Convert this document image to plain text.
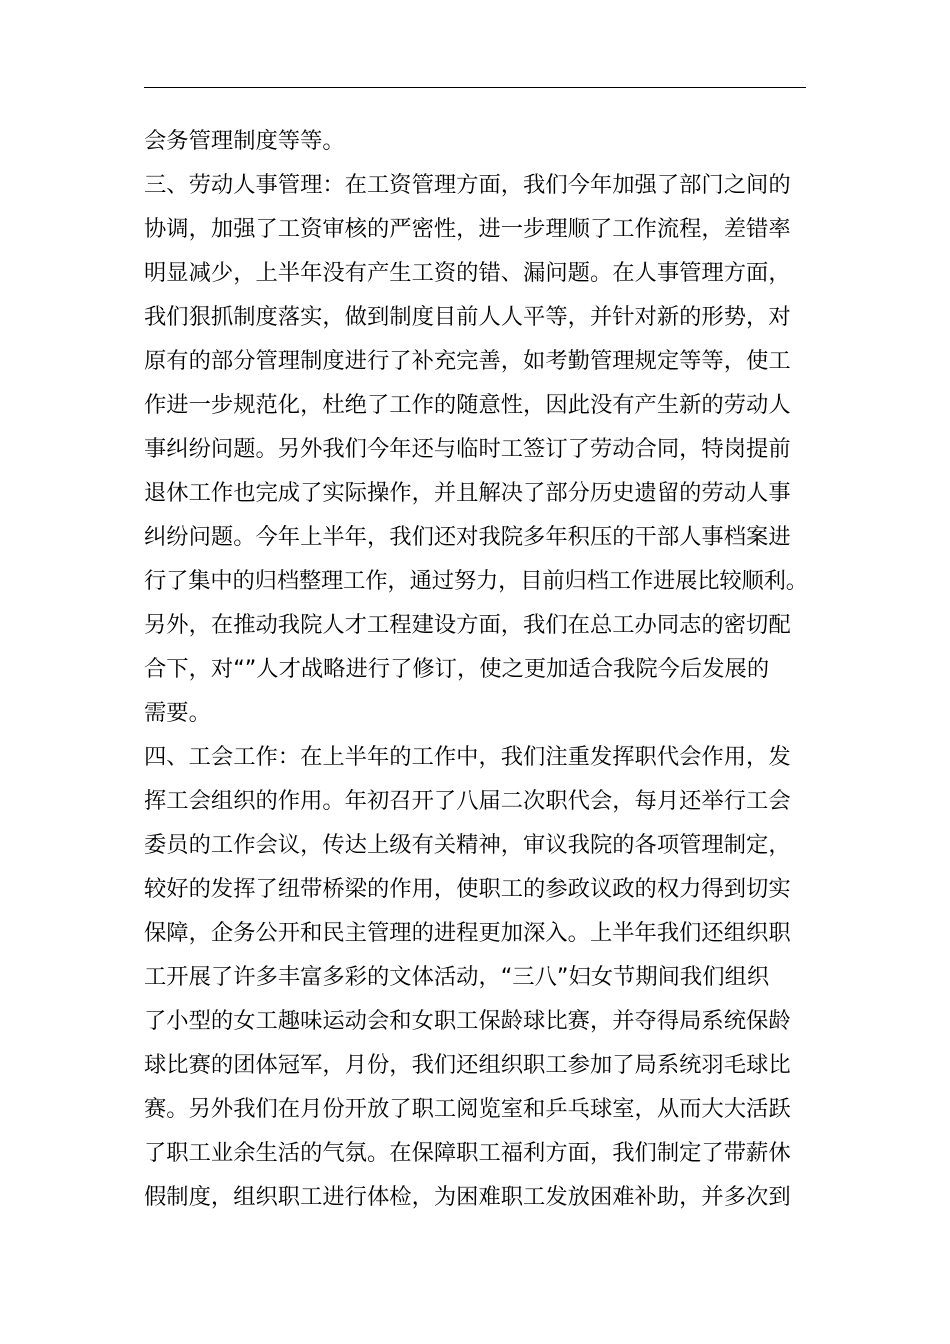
会务管理制度等等。
三、劳动人事管理：在工资管理方面，我们今年加强了部门之间的
协调，加强了工资审核的严密性，进一步理顺了工作流程，差错率
明显减少，上半年没有产生工资的错、漏问题。在人事管理方面，
我们狠抓制度落实，做到制度目前人人平等，并针对新的形势，对
原有的部分管理制度进行了补充完善，如考勤管理规定等等，使工
作进一步规范化，杜绝了工作的随意性，因此没有产生新的劳动人
事纠纷问题。另外我们今年还与临时工签订了劳动合同，特岗提前
退休工作也完成了实际操作，并且解决了部分历史遗留的劳动人事
纠纷问题。今年上半年，我们还对我院多年积压的干部人事档案进
行了集中的归档整理工作，通过努力，目前归档工作进展比较顺利。
另外，在推动我院人才工程建设方面，我们在总工办同志的密切配
合下，对“”人才战略进行了修订，使之更加适合我院今后发展的
需要。
四、工会工作：在上半年的工作中，我们注重发挥职代会作用，发
挥工会组织的作用。年初召开了八届二次职代会，每月还举行工会
委员的工作会议，传达上级有关精神，审议我院的各项管理制定，
较好的发挥了纽带桥梁的作用，使职工的参政议政的权力得到切实
保障，企务公开和民主管理的进程更加深入。上半年我们还组织职
工开展了许多丰富多彩的文体活动，“三八”妇女节期间我们组织
了小型的女工趣味运动会和女职工保龄球比赛，并夺得局系统保龄
球比赛的团体冠军，月份，我们还组织职工参加了局系统羽毛球比
赛。另外我们在月份开放了职工阅览室和乒乓球室，从而大大活跃
了职工业余生活的气氛。在保障职工福利方面，我们制定了带薪休
假制度，组织职工进行体检，为困难职工发放困难补助，并多次到
